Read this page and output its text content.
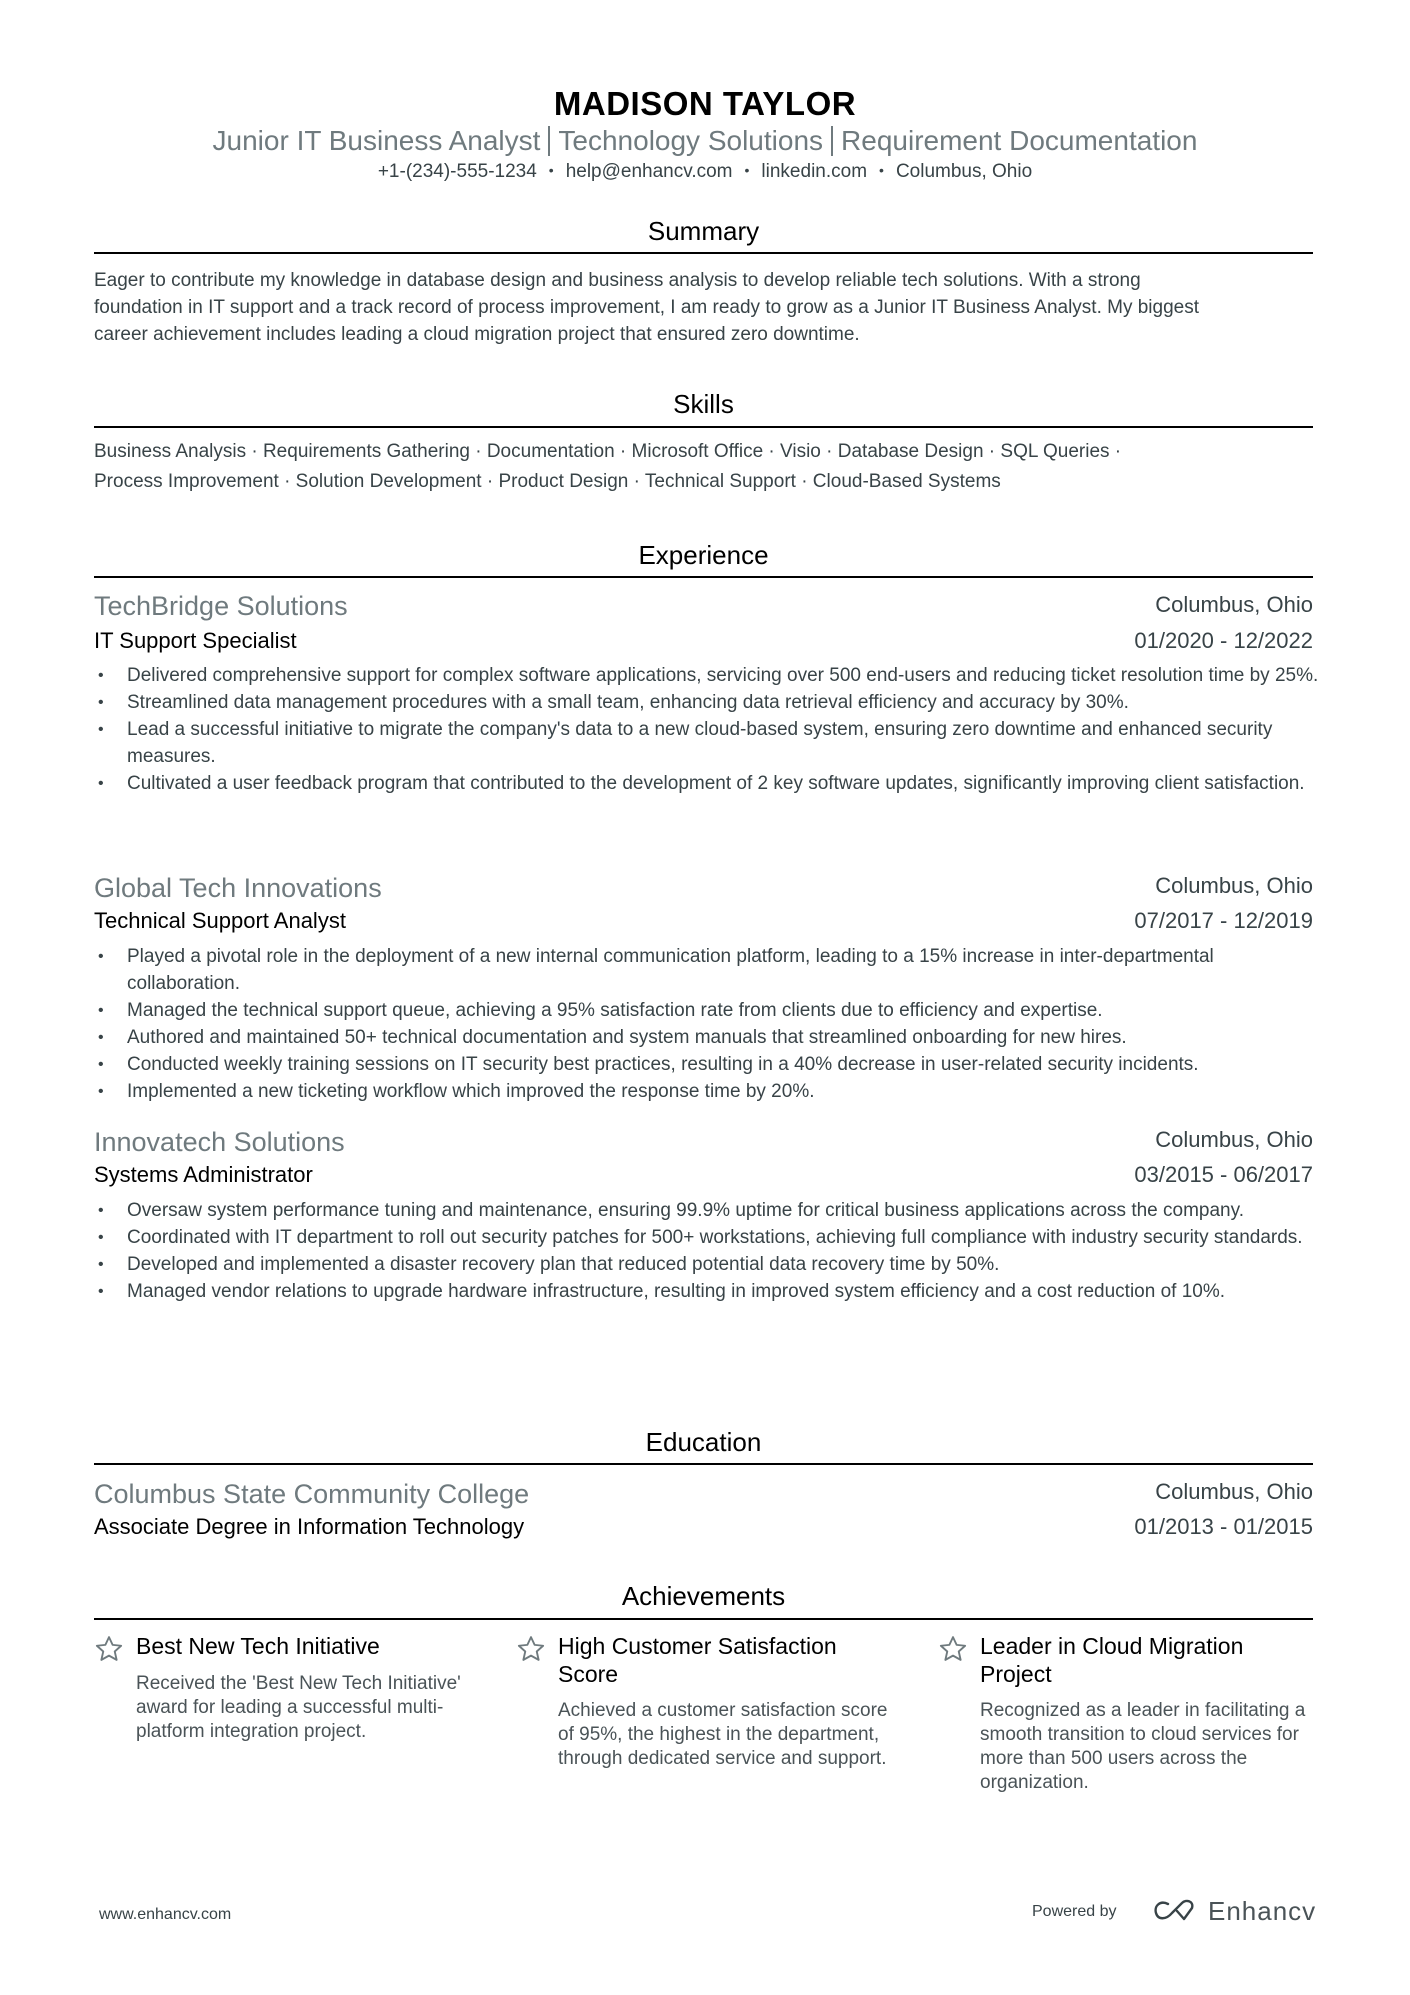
MADISON TAYLOR
Junior IT Business Analyst Technology Solutions Requirement Documentation
+1-(234)-555-1234 • help@enhancv.com • linkedin.com • Columbus, Ohio
Summary
Eager to contribute my knowledge in database design and business analysis to develop reliable tech solutions. With a strong
foundation in IT support and a track record of process improvement, I am ready to grow as a Junior IT Business Analyst. My biggest
career achievement includes leading a cloud migration project that ensured zero downtime.
Skills
Business Analysis · Requirements Gathering · Documentation · Microsoft Office · Visio · Database Design · SQL Queries ·
Process Improvement · Solution Development · Product Design · Technical Support · Cloud-Based Systems
Experience
TechBridge Solutions	Columbus, Ohio
IT Support Specialist	01/2020 - 12/2022
• Delivered comprehensive support for complex software applications, servicing over 500 end-users and reducing ticket resolution time by 25%.
• Streamlined data management procedures with a small team, enhancing data retrieval efficiency and accuracy by 30%.
• Lead a successful initiative to migrate the company's data to a new cloud-based system, ensuring zero downtime and enhanced security measures.
• Cultivated a user feedback program that contributed to the development of 2 key software updates, significantly improving client satisfaction.
Global Tech Innovations	Columbus, Ohio
Technical Support Analyst	07/2017 - 12/2019
• Played a pivotal role in the deployment of a new internal communication platform, leading to a 15% increase in inter-departmental collaboration.
• Managed the technical support queue, achieving a 95% satisfaction rate from clients due to efficiency and expertise.
• Authored and maintained 50+ technical documentation and system manuals that streamlined onboarding for new hires.
• Conducted weekly training sessions on IT security best practices, resulting in a 40% decrease in user-related security incidents.
• Implemented a new ticketing workflow which improved the response time by 20%.
Innovatech Solutions	Columbus, Ohio
Systems Administrator	03/2015 - 06/2017
• Oversaw system performance tuning and maintenance, ensuring 99.9% uptime for critical business applications across the company.
• Coordinated with IT department to roll out security patches for 500+ workstations, achieving full compliance with industry security standards.
• Developed and implemented a disaster recovery plan that reduced potential data recovery time by 50%.
• Managed vendor relations to upgrade hardware infrastructure, resulting in improved system efficiency and a cost reduction of 10%.
Education
Columbus State Community College	Columbus, Ohio
Associate Degree in Information Technology	01/2013 - 01/2015
Achievements
Best New Tech Initiative
Received the 'Best New Tech Initiative' award for leading a successful multi-platform integration project.
High Customer Satisfaction Score
Achieved a customer satisfaction score of 95%, the highest in the department, through dedicated service and support.
Leader in Cloud Migration Project
Recognized as a leader in facilitating a smooth transition to cloud services for more than 500 users across the organization.
www.enhancv.com	Powered by	Enhancv
